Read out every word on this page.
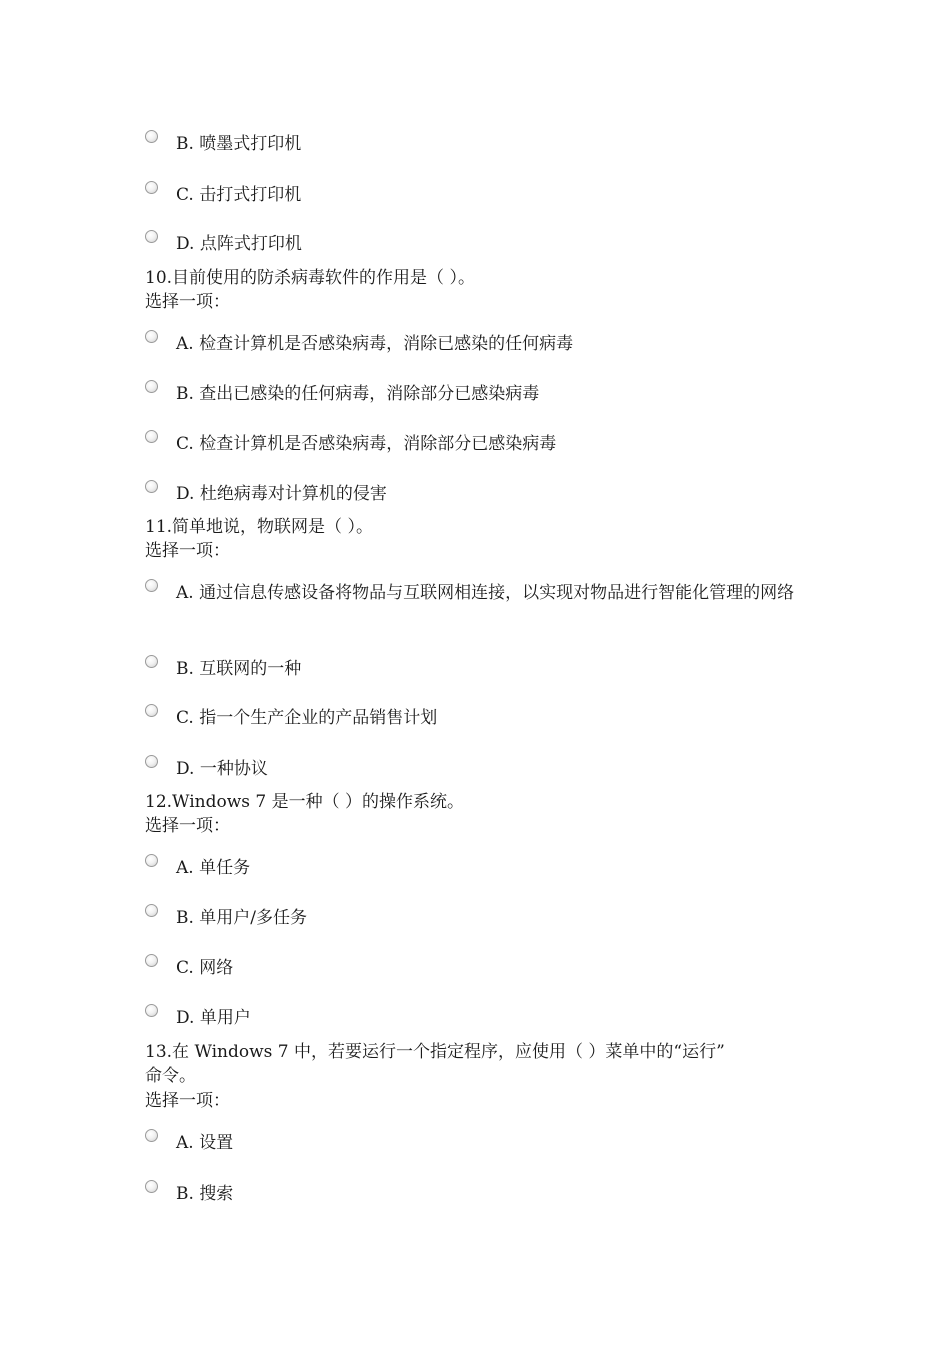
B. 喷墨式打印机
C. 击打式打印机
D. 点阵式打印机
10.目前使用的防杀病毒软件的作用是（ ）。
选择一项：
A. 检查计算机是否感染病毒，消除已感染的任何病毒
B. 查出已感染的任何病毒，消除部分已感染病毒
C. 检查计算机是否感染病毒，消除部分已感染病毒
D. 杜绝病毒对计算机的侵害
11.简单地说，物联网是（ ）。
选择一项：
A. 通过信息传感设备将物品与互联网相连接，以实现对物品进行智能化管理的网络
B. 互联网的一种
C. 指一个生产企业的产品销售计划
D. 一种协议
12.Windows 7 是一种（ ）的操作系统。
选择一项：
A. 单任务
B. 单用户/多任务
C. 网络
D. 单用户
13.在 Windows 7 中，若要运行一个指定程序，应使用（ ）菜单中的“运行”
命令。
选择一项：
A. 设置
B. 搜索
